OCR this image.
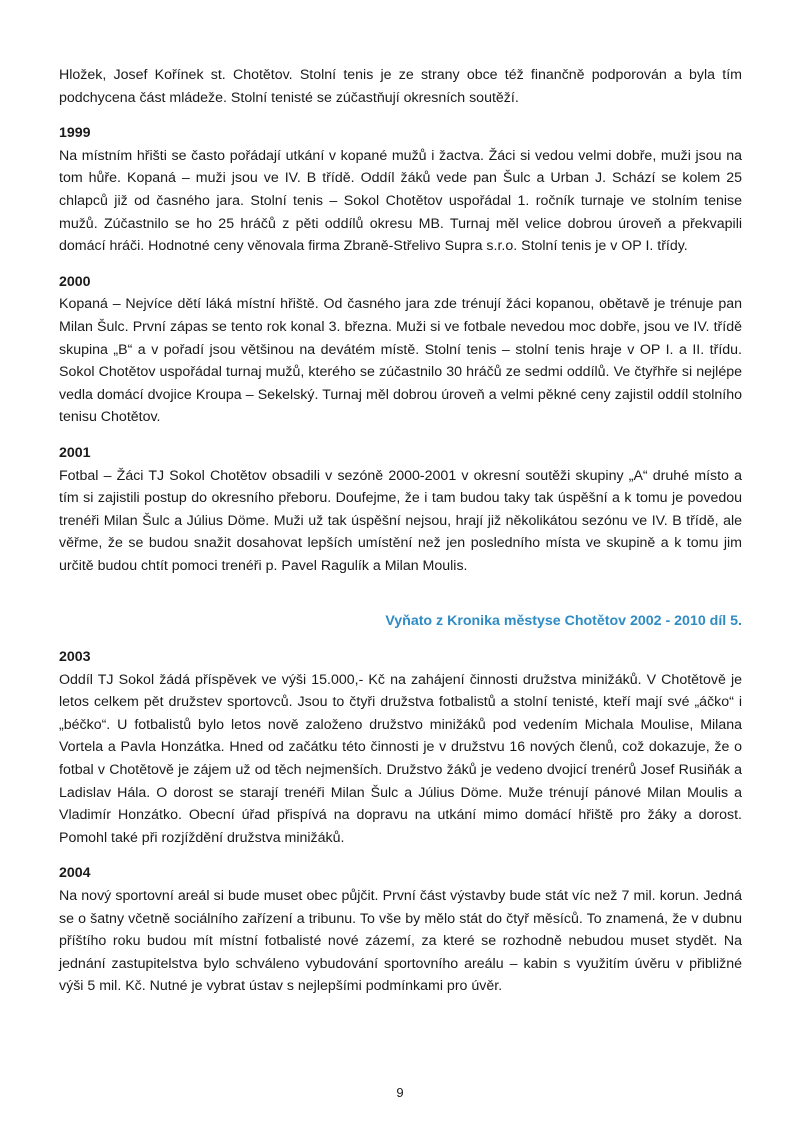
Hložek, Josef Kořínek st. Chotětov. Stolní tenis je ze strany obce též finančně podporován a byla tím podchycena část mládeže. Stolní tenisté se zúčastňují okresních soutěží.

1999

Na místním hřišti se často pořádají utkání v kopané mužů i žactva. Žáci si vedou velmi dobře, muži jsou na tom hůře. Kopaná – muži jsou ve IV. B třídě. Oddíl žáků vede pan Šulc a Urban J. Schází se kolem 25 chlapců již od časného jara. Stolní tenis – Sokol Chotětov uspořádal 1. ročník turnaje ve stolním tenise mužů. Zúčastnilo se ho 25 hráčů z pěti oddílů okresu MB. Turnaj měl velice dobrou úroveň a překvapili domácí hráči. Hodnotné ceny věnovala firma Zbraně-Střelivo Supra s.r.o. Stolní tenis je v OP I. třídy.

2000

Kopaná – Nejvíce dětí láká místní hřiště. Od časného jara zde trénují žáci kopanou, obětavě je trénuje pan Milan Šulc. První zápas se tento rok konal 3. března. Muži si ve fotbale nevedou moc dobře, jsou ve IV. třídě skupina „B“ a v pořadí jsou většinou na devátém místě. Stolní tenis – stolní tenis hraje v OP I. a II. třídu. Sokol Chotětov uspořádal turnaj mužů, kterého se zúčastnilo 30 hráčů ze sedmi oddílů. Ve čtyřhře si nejlépe vedla domácí dvojice Kroupa – Sekelský. Turnaj měl dobrou úroveň a velmi pěkné ceny zajistil oddíl stolního tenisu Chotětov.

2001

Fotbal – Žáci TJ Sokol Chotětov obsadili v sezóně 2000-2001 v okresní soutěži skupiny „A“ druhé místo a tím si zajistili postup do okresního přeboru. Doufejme, že i tam budou taky tak úspěšní a k tomu je povedou trenéři Milan Šulc a Július Döme. Muži už tak úspěšní nejsou, hrají již několikátou sezónu ve IV. B třídě, ale věřme, že se budou snažit dosahovat lepších umístění než jen posledního místa ve skupině a k tomu jim určitě budou chtít pomoci trenéři p. Pavel Ragulík a Milan Moulis.

Vyňato z Kronika městyse Chotětov 2002 - 2010 díl 5.

2003

Oddíl TJ Sokol žádá příspěvek ve výši 15.000,- Kč na zahájení činnosti družstva minižáků. V Chotětově je letos celkem pět družstev sportovců. Jsou to čtyři družstva fotbalistů a stolní tenisté, kteří mají své „áčko“ i „béčko“. U fotbalistů bylo letos nově založeno družstvo minižáků pod vedením Michala Moulise, Milana Vortela a Pavla Honzátka. Hned od začátku této činnosti je v družstvu 16 nových členů, což dokazuje, že o fotbal v Chotětově je zájem už od těch nejmenších. Družstvo žáků je vedeno dvojicí trenérů Josef Rusiňák a Ladislav Hála. O dorost se starají trenéři Milan Šulc a Július Döme. Muže trénují pánové Milan Moulis a Vladimír Honzátko. Obecní úřad přispívá na dopravu na utkání mimo domácí hřiště pro žáky a dorost. Pomohl také při rozjíždění družstva minižáků.

2004

Na nový sportovní areál si bude muset obec půjčit. První část výstavby bude stát víc než 7 mil. korun. Jedná se o šatny včetně sociálního zařízení a tribunu. To vše by mělo stát do čtyř měsíců. To znamená, že v dubnu příštího roku budou mít místní fotbalisté nové zázemí, za které se rozhodně nebudou muset stydět. Na jednání zastupitelstva bylo schváleno vybudování sportovního areálu – kabin s využitím úvěru v přibližné výši 5 mil. Kč. Nutné je vybrat ústav s nejlepšími podmínkami pro úvěr.

9
